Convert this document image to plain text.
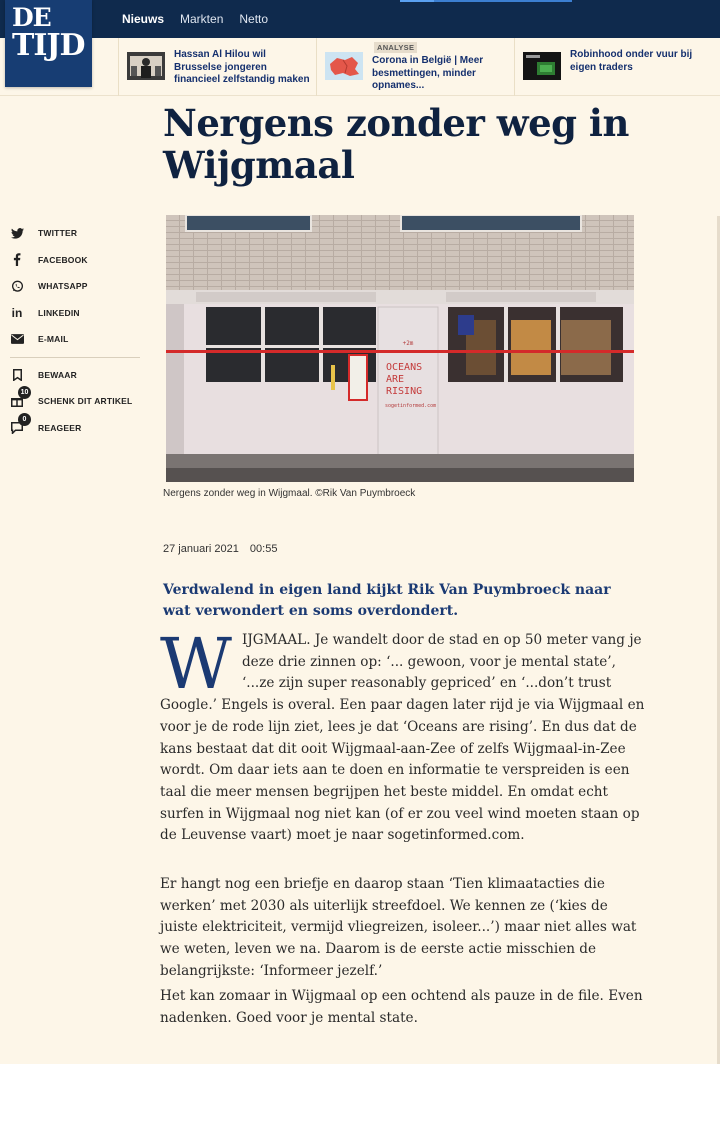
Nieuws Markten Netto
DE
TIJD	Hassan Al Hilou wil Brusselse jongeren financieel zelfstandig maken
ANALYSE
Corona in België | Meer besmettingen, minder opnames...
Robinhood onder vuur bij eigen traders
Nergens zonder weg in Wijgmaal
TWITTER
FACEBOOK
WHATSAPP
in LINKEDIN
E-MAIL
BEWAAR
10
SCHENK DIT ARTIKEL
0
REAGEER
+2m
OCEANS
ARE
RISING
sogetinformed.com
Nergens zonder weg in Wijgmaal. ©Rik Van Puymbroeck
27 januari 2021 00:55

Verdwalend in eigen land kijkt Rik Van Puymbroeck naar wat verwondert en soms overdondert.

WIJGMAAL. Je wandelt door de stad en op 50 meter vang je deze drie zinnen op: ‘... gewoon, voor je mental state’, ‘...ze zijn super reasonably gepriced’ en ‘...don’t trust Google.’ Engels is overal. Een paar dagen later rijd je via Wijgmaal en voor je de rode lijn ziet, lees je dat ‘Oceans are rising’. En dus dat de kans bestaat dat dit ooit Wijgmaal-aan-Zee of zelfs Wijgmaal-in-Zee wordt. Om daar iets aan te doen en informatie te verspreiden is een taal die meer mensen begrijpen het beste middel. En omdat echt surfen in Wijgmaal nog niet kan (of er zou veel wind moeten staan op de Leuvense vaart) moet je naar sogetinformed.com.

Er hangt nog een briefje en daarop staan ‘Tien klimaatacties die werken’ met 2030 als uiterlijk streefdoel. We kennen ze (‘kies de juiste elektriciteit, vermijd vliegreizen, isoleer...’) maar niet alles wat we weten, leven we na. Daarom is de eerste actie misschien de belangrijkste: ‘Informeer jezelf.’

Het kan zomaar in Wijgmaal op een ochtend als pauze in de file. Even nadenken. Goed voor je mental state.
